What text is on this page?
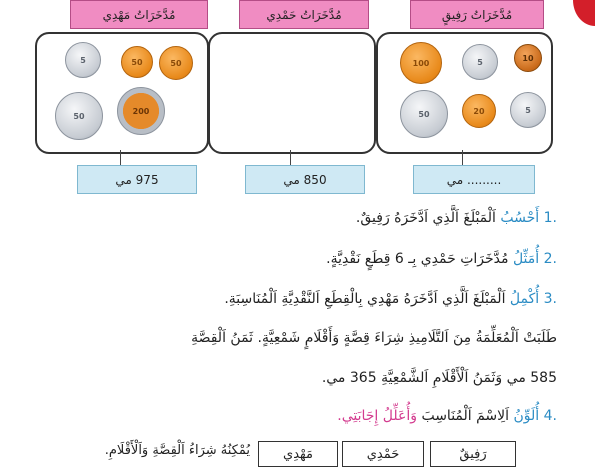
مُدَّخَرَاتُ مَهْدِي	مُدَّخَرَاتُ حَمْدِي	مُدَّخَرَاتُ رَفِيقٍ
5	50	50
50
200
100	5	10
50	20	5
975 مي	850 مي	......... مي
.1 أَحْسُبُ اَلْمَبْلَغَ اَلَّذِي اَدَّخَرَهُ رَفِيقٌ.
.2 أُمَثِّلُ مُدَّخَرَاتِ حَمْدِي بِـ 6 قِطَعٍ نَقْدِيَّةٍ.
.3 أُكْمِلُ اَلْمَبْلَغَ اَلَّذِي اَدَّخَرَهُ مَهْدِي بِالْقِطَعِ اَلنَّقْدِيَّةِ اَلْمُنَاسِبَةِ.
طَلَبَتْ اَلْمُعَلِّمَةُ مِنَ اَلتَّلَامِيذِ شِرَاءَ قِصَّةٍ وَأَقْلَامٍ شَمْعِيَّةٍ. ثَمَنُ اَلْقِصَّةِ
585 مي وَثَمَنُ اَلْأَقْلَامِ اَلشَّمْعِيَّةِ 365 مي.
.4 أُلَوِّنُ اَلِاسْمَ اَلْمُنَاسِبَ وَأُعَلِّلُ إِجَابَتِي.
رَفِيقٌ
حَمْدِي
مَهْدِي
يُمْكِنُهُ شِرَاءُ اَلْقِصَّةِ وَاَلْأَقْلَامِ.
